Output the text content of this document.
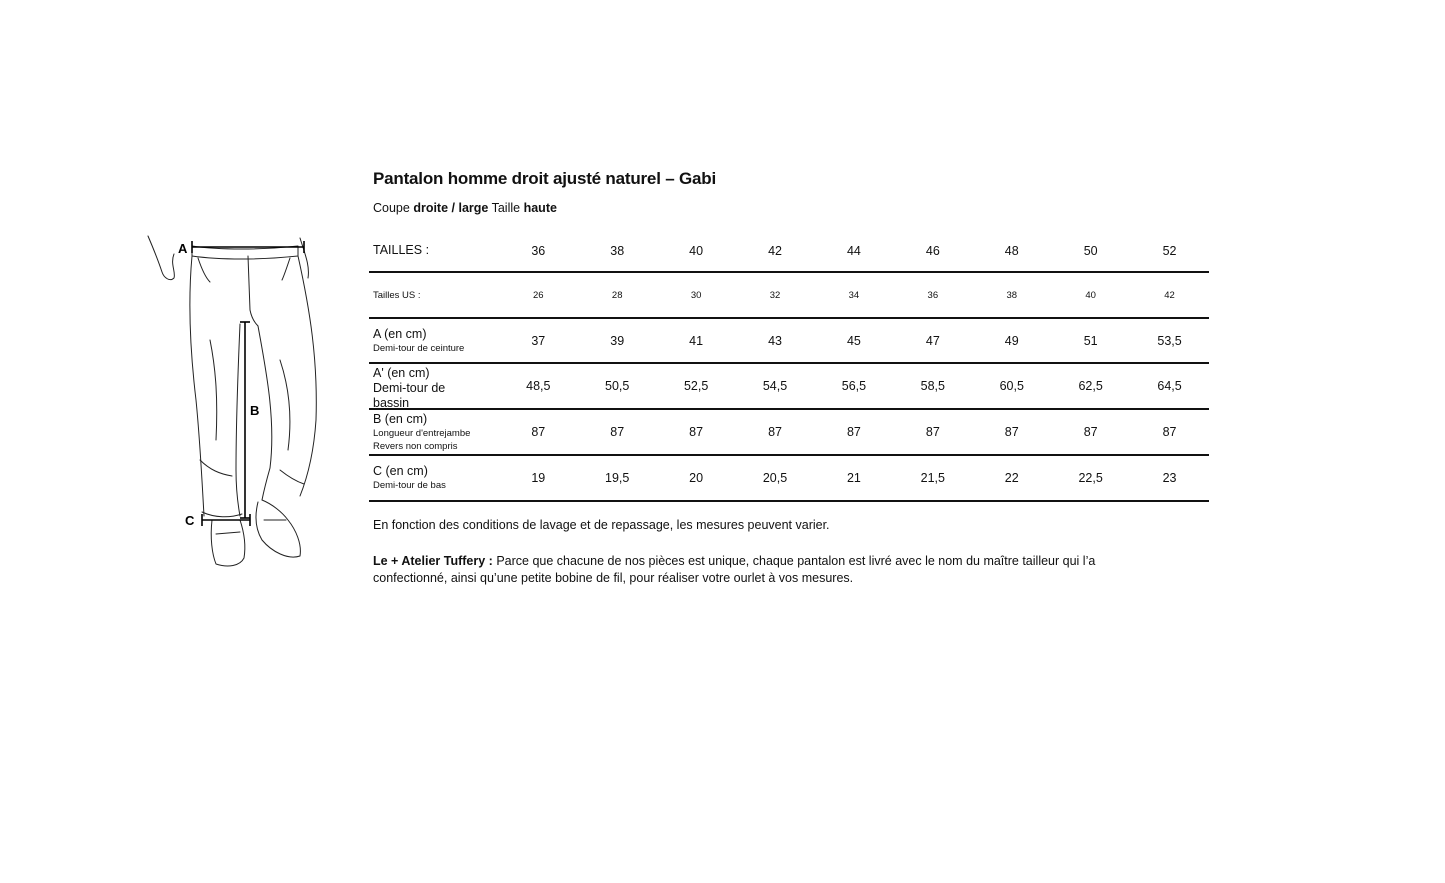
A
B
C
Pantalon homme droit ajusté naturel – Gabi
Coupe droite / large Taille haute
TAILLES :	36	38	40	42	44	46	48	50	52
Tailles US :	26	28	30	32	34	36	38	40	42
A (en cm)
Demi-tour de ceinture
37	39	41	43	45	47	49	51	53,5
A' (en cm)
Demi-tour de bassin
48,5	50,5	52,5	54,5	56,5	58,5	60,5	62,5	64,5
B (en cm)
Longueur d'entrejambe
Revers non compris
87	87	87	87	87	87	87	87	87
C (en cm)
Demi-tour de bas
19	19,5	20	20,5	21	21,5	22	22,5	23
En fonction des conditions de lavage et de repassage, les mesures peuvent varier.
Le + Atelier Tuffery : Parce que chacune de nos pièces est unique, chaque pantalon est livré avec le nom du maître tailleur qui l’a confectionné, ainsi qu’une petite bobine de fil, pour réaliser votre ourlet à vos mesures.
